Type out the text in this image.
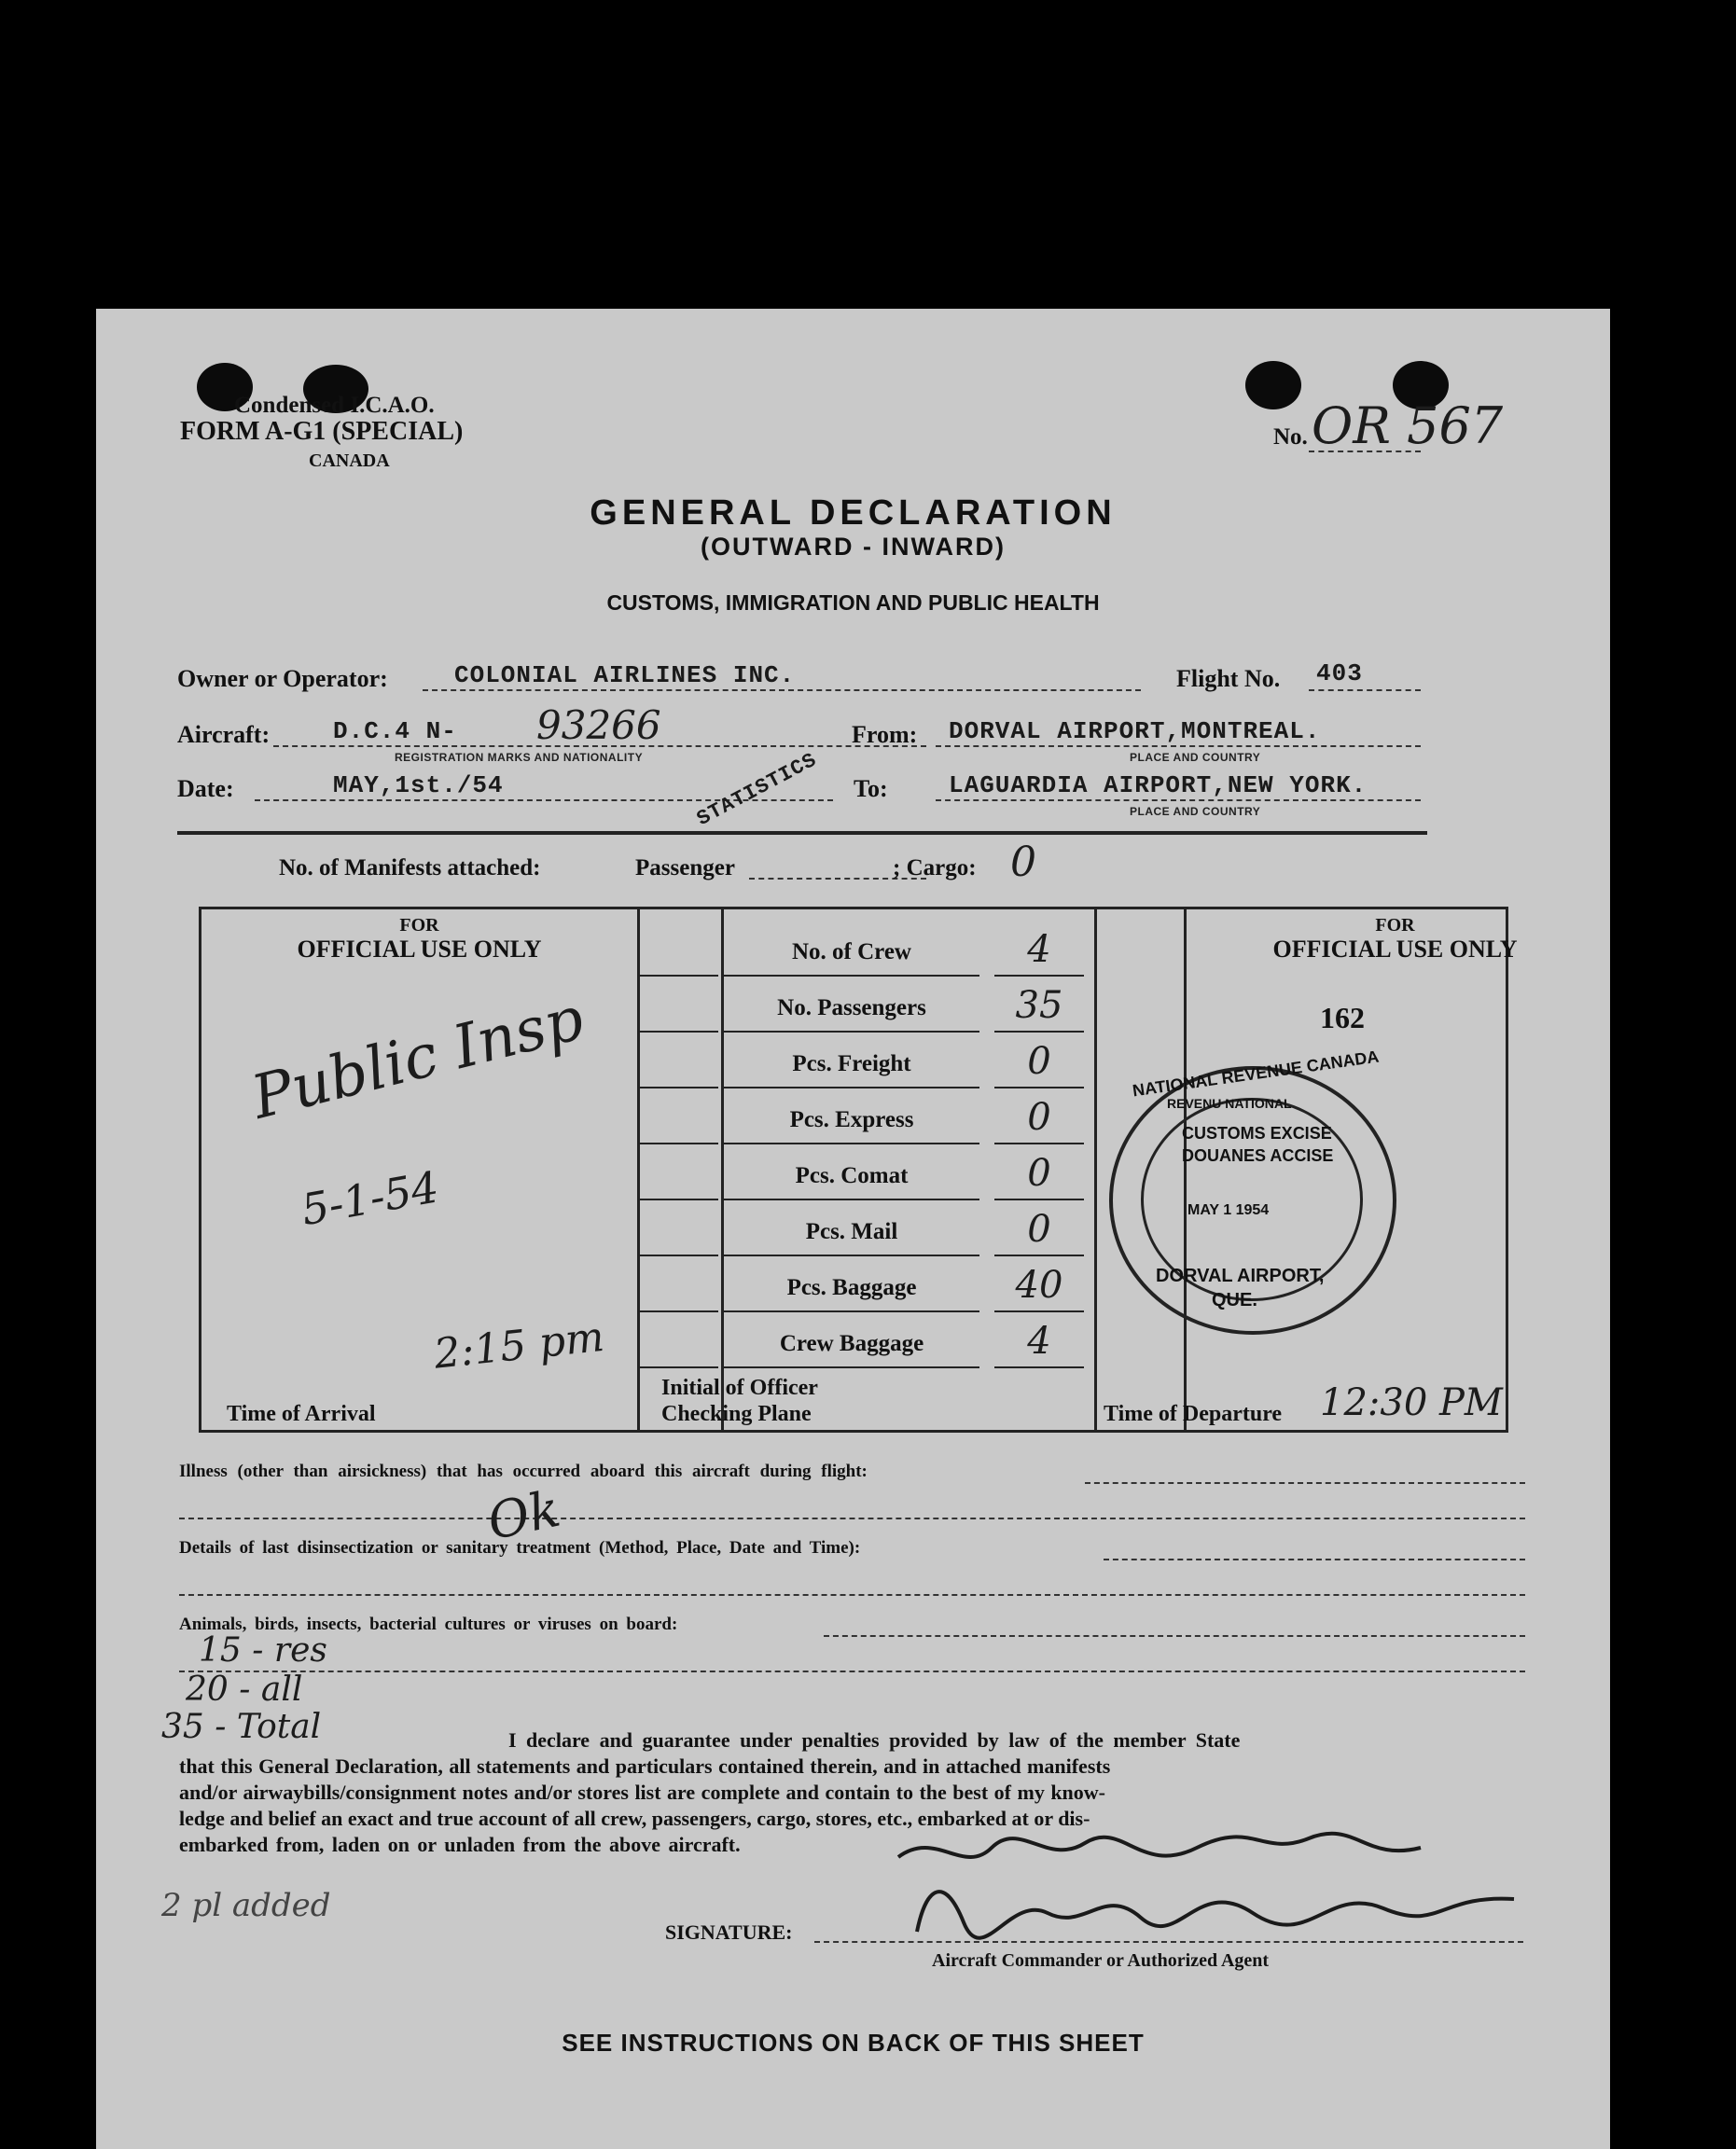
Condensed I.C.A.O.
FORM A-G1 (SPECIAL)
CANADA
No. OR 567
GENERAL DECLARATION
(OUTWARD - INWARD)
CUSTOMS, IMMIGRATION AND PUBLIC HEALTH
Owner or Operator:	COLONIAL AIRLINES INC.	Flight No. 403
Aircraft:	D.C.4 N- 93266
REGISTRATION MARKS AND NATIONALITY
From: DORVAL AIRPORT,MONTREAL.
PLACE AND COUNTRY
Date:	MAY,1st./54	To:	LAGUARDIA AIRPORT,NEW YORK.
PLACE AND COUNTRY
STATISTICS
No. of Manifests attached:	Passenger	; Cargo: 0
FOR
OFFICIAL USE ONLY
Public Insp
5-1-54
Time of Arrival
2:15 pm
No. of Crew	4
No. Passengers	35
Pcs. Freight	0
Pcs. Express	0
Pcs. Comat	0
Pcs. Mail	0
Pcs. Baggage	40
Crew Baggage	4
Initial of Officer
Checking Plane
FOR
OFFICIAL USE ONLY
162
NATIONAL REVENUE CANADA
REVENU NATIONAL
CUSTOMS EXCISE
DOUANES ACCISE
MAY 1 1954
DORVAL AIRPORT,
QUE.
Time of Departure 12:30 PM
Illness (other than airsickness) that has occurred aboard this aircraft during flight:
Ok
Details of last disinsectization or sanitary treatment (Method, Place, Date and Time):
Animals, birds, insects, bacterial cultures or viruses on board:
15 - res
20 - all
35 - Total
2 pl added
I declare and guarantee under penalties provided by law of the member State
that this General Declaration, all statements and particulars contained therein, and in attached manifests
and/or airwaybills/consignment notes and/or stores list are complete and contain to the best of my know-
ledge and belief an exact and true account of all crew, passengers, cargo, stores, etc., embarked at or dis-
embarked from, laden on or unladen from the above aircraft.
SIGNATURE:
Aircraft Commander or Authorized Agent
SEE INSTRUCTIONS ON BACK OF THIS SHEET
